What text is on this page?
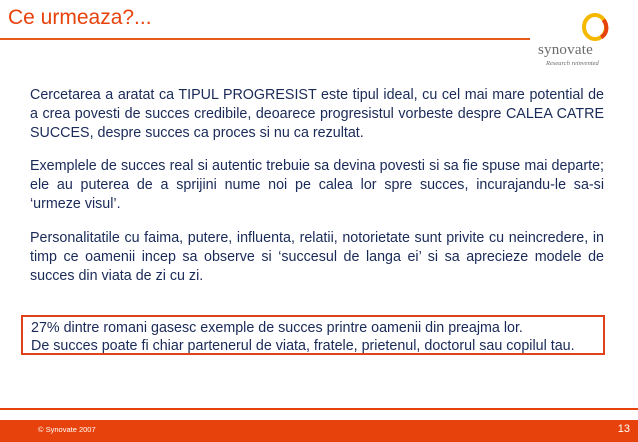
Ce urmeaza?...
synovate
Research reinvented

Cercetarea a aratat ca TIPUL PROGRESIST este tipul ideal, cu cel mai mare potential de a crea povesti de succes credibile, deoarece progresistul vorbeste despre CALEA CATRE SUCCES, despre succes ca proces si nu ca rezultat.

Exemplele de succes real si autentic trebuie sa devina povesti si sa fie spuse mai departe; ele au puterea de a sprijini nume noi pe calea lor spre succes, incurajandu-le sa-si ‘urmeze visul’.

Personalitatile cu faima, putere, influenta, relatii, notorietate sunt privite cu neincredere, in timp ce oamenii incep sa observe si ‘succesul de langa ei’ si sa aprecieze modele de succes din viata de zi cu zi.

27% dintre romani gasesc exemple de succes printre oamenii din preajma lor.
De succes poate fi chiar partenerul de viata, fratele, prietenul, doctorul sau copilul tau.
© Synovate 2007	13
